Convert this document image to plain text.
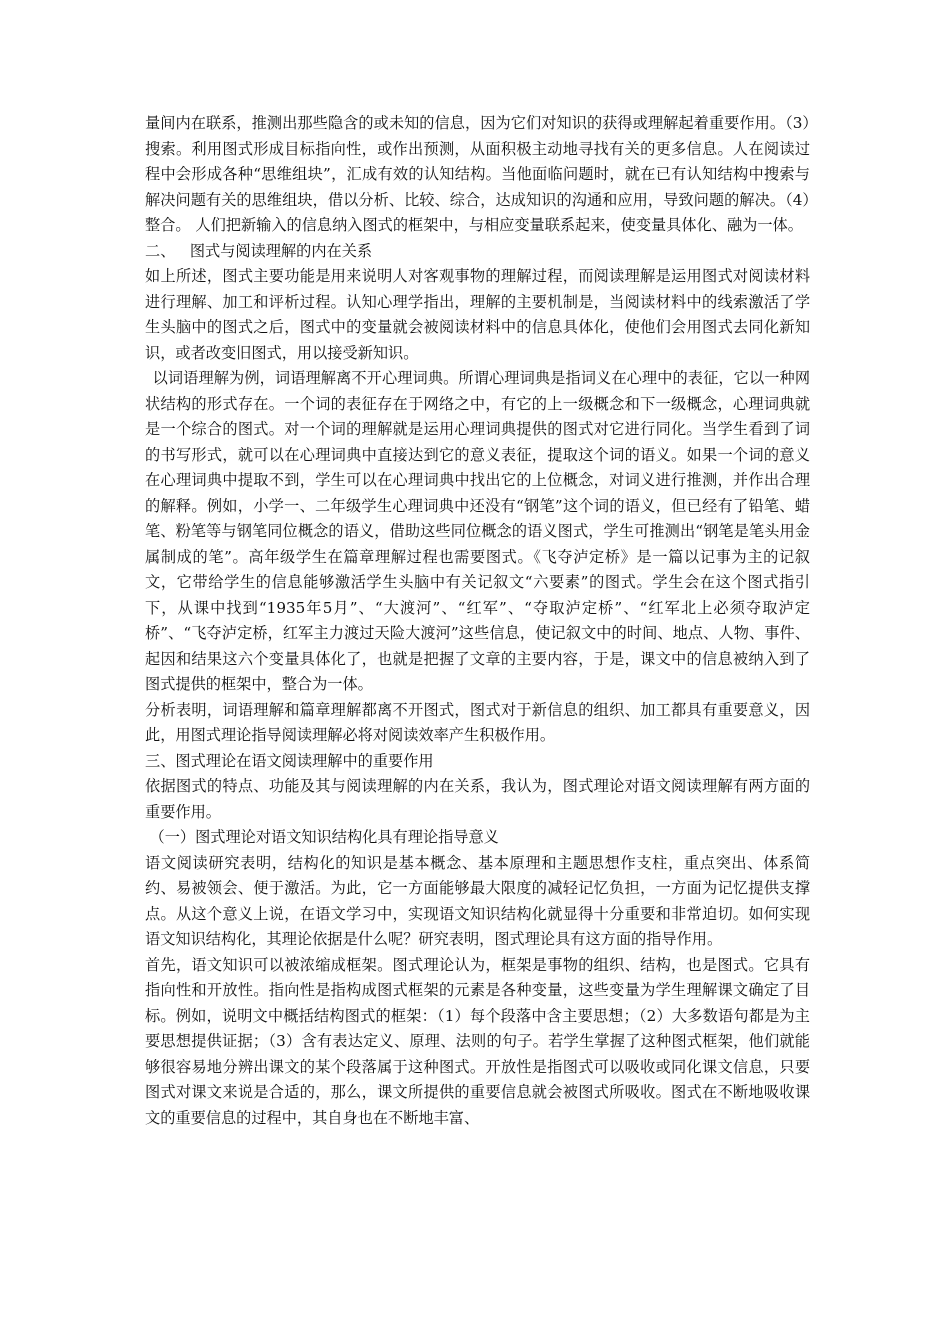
量间内在联系，推测出那些隐含的或未知的信息，因为它们对知识的获得或理解起着重要作用。（3）搜索。利用图式形成目标指向性，或作出预测，从面积极主动地寻找有关的更多信息。人在阅读过程中会形成各种“思维组块”，汇成有效的认知结构。当他面临问题时，就在已有认知结构中搜索与解决问题有关的思维组块，借以分析、比较、综合，达成知识的沟通和应用，导致问题的解决。（4）整合。 人们把新输入的信息纳入图式的框架中，与相应变量联系起来，使变量具体化、融为一体。

二、   图式与阅读理解的内在关系

如上所述，图式主要功能是用来说明人对客观事物的理解过程，而阅读理解是运用图式对阅读材料进行理解、加工和评析过程。认知心理学指出，理解的主要机制是，当阅读材料中的线索激活了学生头脑中的图式之后，图式中的变量就会被阅读材料中的信息具体化，使他们会用图式去同化新知识，或者改变旧图式，用以接受新知识。

以词语理解为例，词语理解离不开心理词典。所谓心理词典是指词义在心理中的表征，它以一种网状结构的形式存在。一个词的表征存在于网络之中，有它的上一级概念和下一级概念，心理词典就是一个综合的图式。对一个词的理解就是运用心理词典提供的图式对它进行同化。当学生看到了词的书写形式，就可以在心理词典中直接达到它的意义表征，提取这个词的语义。如果一个词的意义在心理词典中提取不到，学生可以在心理词典中找出它的上位概念，对词义进行推测，并作出合理的解释。例如，小学一、二年级学生心理词典中还没有“钢笔”这个词的语义，但已经有了铅笔、蜡笔、粉笔等与钢笔同位概念的语义，借助这些同位概念的语义图式，学生可推测出“钢笔是笔头用金属制成的笔”。高年级学生在篇章理解过程也需要图式。《飞夺泸定桥》是一篇以记事为主的记叙文，它带给学生的信息能够激活学生头脑中有关记叙文“六要素”的图式。学生会在这个图式指引下，从课中找到“1935年5月”、“大渡河”、“红军”、“夺取泸定桥”、“红军北上必须夺取泸定桥”、“飞夺泸定桥，红军主力渡过天险大渡河”这些信息，使记叙文中的时间、地点、人物、事件、起因和结果这六个变量具体化了，也就是把握了文章的主要内容，于是，课文中的信息被纳入到了图式提供的框架中，整合为一体。

分析表明，词语理解和篇章理解都离不开图式，图式对于新信息的组织、加工都具有重要意义，因此，用图式理论指导阅读理解必将对阅读效率产生积极作用。

三、图式理论在语文阅读理解中的重要作用

依据图式的特点、功能及其与阅读理解的内在关系，我认为，图式理论对语文阅读理解有两方面的重要作用。

（一）图式理论对语文知识结构化具有理论指导意义

语文阅读研究表明，结构化的知识是基本概念、基本原理和主题思想作支柱，重点突出、体系简约、易被领会、便于激活。为此，它一方面能够最大限度的减轻记忆负担，一方面为记忆提供支撑点。从这个意义上说，在语文学习中，实现语文知识结构化就显得十分重要和非常迫切。如何实现语文知识结构化，其理论依据是什么呢？研究表明，图式理论具有这方面的指导作用。

首先，语文知识可以被浓缩成框架。图式理论认为，框架是事物的组织、结构，也是图式。它具有指向性和开放性。指向性是指构成图式框架的元素是各种变量，这些变量为学生理解课文确定了目标。例如，说明文中概括结构图式的框架：（1）每个段落中含主要思想；（2）大多数语句都是为主要思想提供证据；（3）含有表达定义、原理、法则的句子。若学生掌握了这种图式框架，他们就能够很容易地分辨出课文的某个段落属于这种图式。开放性是指图式可以吸收或同化课文信息，只要图式对课文来说是合适的，那么，课文所提供的重要信息就会被图式所吸收。图式在不断地吸收课文的重要信息的过程中，其自身也在不断地丰富、
